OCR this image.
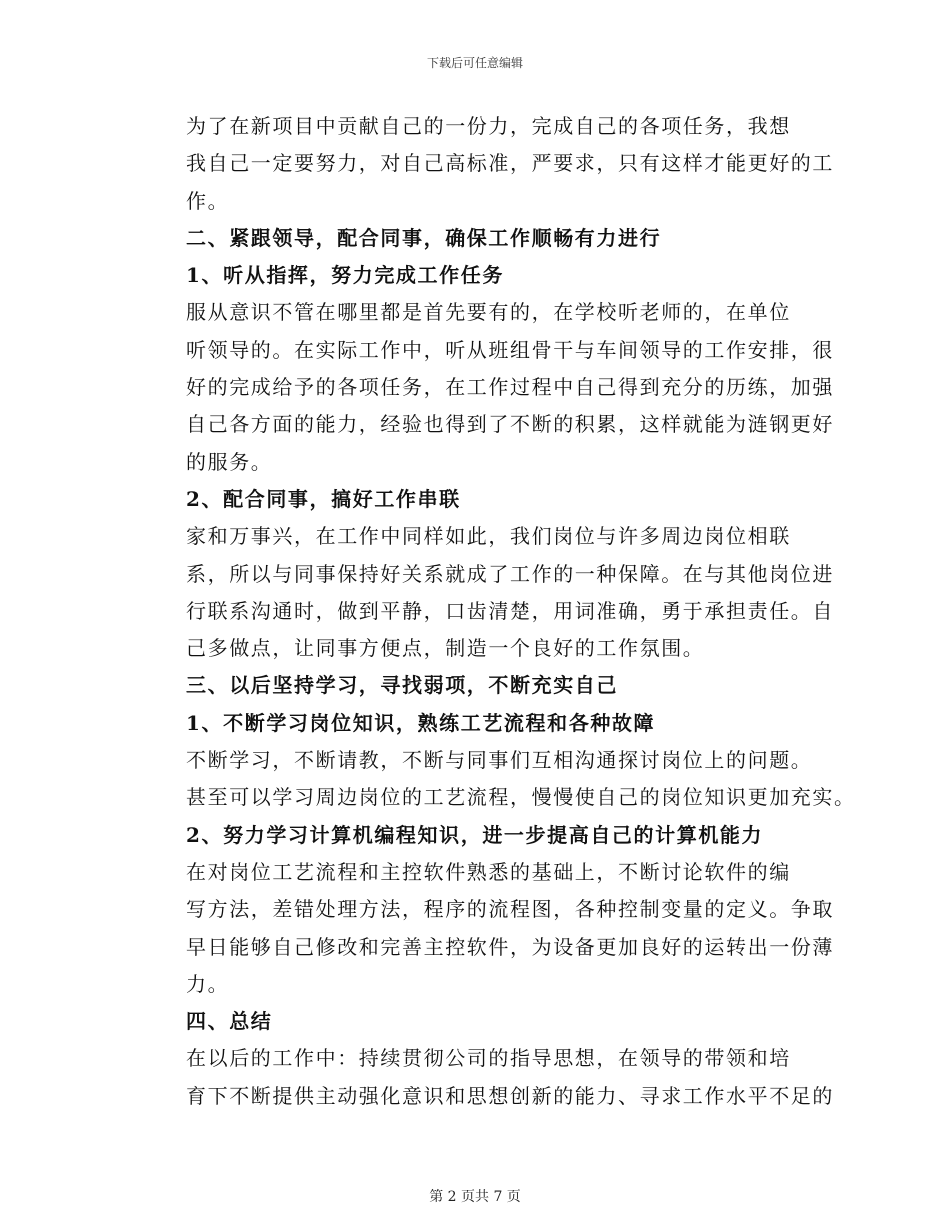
下载后可任意编辑

为了在新项目中贡献自己的一份力，完成自己的各项任务，我想
我自己一定要努力，对自己高标准，严要求，只有这样才能更好的工
作。

二、紧跟领导，配合同事，确保工作顺畅有力进行

1、听从指挥，努力完成工作任务

服从意识不管在哪里都是首先要有的，在学校听老师的，在单位
听领导的。在实际工作中，听从班组骨干与车间领导的工作安排，很
好的完成给予的各项任务，在工作过程中自己得到充分的历练，加强
自己各方面的能力，经验也得到了不断的积累，这样就能为涟钢更好
的服务。

2、配合同事，搞好工作串联

家和万事兴，在工作中同样如此，我们岗位与许多周边岗位相联
系，所以与同事保持好关系就成了工作的一种保障。在与其他岗位进
行联系沟通时，做到平静，口齿清楚，用词准确，勇于承担责任。自
己多做点，让同事方便点，制造一个良好的工作氛围。

三、以后坚持学习，寻找弱项，不断充实自己

1、不断学习岗位知识，熟练工艺流程和各种故障

不断学习，不断请教，不断与同事们互相沟通探讨岗位上的问题。
甚至可以学习周边岗位的工艺流程，慢慢使自己的岗位知识更加充实。

2、努力学习计算机编程知识，进一步提高自己的计算机能力

在对岗位工艺流程和主控软件熟悉的基础上，不断讨论软件的编
写方法，差错处理方法，程序的流程图，各种控制变量的定义。争取
早日能够自己修改和完善主控软件，为设备更加良好的运转出一份薄
力。

四、总结

在以后的工作中：持续贯彻公司的指导思想，在领导的带领和培
育下不断提供主动强化意识和思想创新的能力、寻求工作水平不足的

第 2 页共 7 页
